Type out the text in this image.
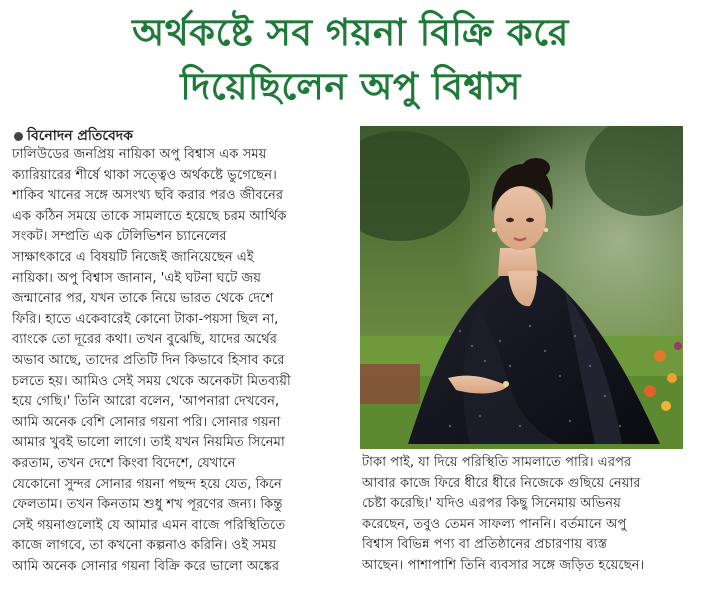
অর্থকষ্টে সব গয়না বিক্রি করে
দিয়েছিলেন অপু বিশ্বাস
বিনোদন প্রতিবেদক
ঢালিউডের জনপ্রিয় নায়িকা অপু বিশ্বাস এক সময়
ক্যারিয়ারের শীর্ষে থাকা সত্ত্বেও অর্থকষ্টে ভুগেছেন।
শাকিব খানের সঙ্গে অসংখ্য ছবি করার পরও জীবনের
এক কঠিন সময়ে তাকে সামলাতে হয়েছে চরম আর্থিক
সংকট। সম্প্রতি এক টেলিভিশন চ্যানেলের
সাক্ষাৎকারে এ বিষয়টি নিজেই জানিয়েছেন এই
নায়িকা। অপু বিশ্বাস জানান, 'এই ঘটনা ঘটে জয়
জন্মানোর পর, যখন তাকে নিয়ে ভারত থেকে দেশে
ফিরি। হাতে একেবারেই কোনো টাকা-পয়সা ছিল না,
ব্যাংকে তো দূরের কথা। তখন বুঝেছি, যাদের অর্থের
অভাব আছে, তাদের প্রতিটি দিন কিভাবে হিসাব করে
চলতে হয়। আমিও সেই সময় থেকে অনেকটা মিতব্যয়ী
হয়ে গেছি।' তিনি আরো বলেন, 'আপনারা দেখবেন,
আমি অনেক বেশি সোনার গয়না পরি। সোনার গয়না
আমার খুবই ভালো লাগে। তাই যখন নিয়মিত সিনেমা
করতাম, তখন দেশে কিংবা বিদেশে, যেখানে
যেকোনো সুন্দর সোনার গয়না পছন্দ হয়ে যেত, কিনে
ফেলতাম। তখন কিনতাম শুধু শখ পূরণের জন্য। কিন্তু
সেই গয়নাগুলোই যে আমার এমন বাজে পরিস্থিতিতে
কাজে লাগবে, তা কখনো কল্পনাও করিনি। ওই সময়
আমি অনেক সোনার গয়না বিক্রি করে ভালো অঙ্কের
টাকা পাই, যা দিয়ে পরিস্থিতি সামলাতে পারি। এরপর
আবার কাজে ফিরে ধীরে ধীরে নিজেকে গুছিয়ে নেয়ার
চেষ্টা করেছি।' যদিও এরপর কিছু সিনেমায় অভিনয়
করেছেন, তবুও তেমন সাফল্য পাননি। বর্তমানে অপু
বিশ্বাস বিভিন্ন পণ্য বা প্রতিষ্ঠানের প্রচারণায় ব্যস্ত
আছেন। পাশাপাশি তিনি ব্যবসার সঙ্গে জড়িত হয়েছেন।
